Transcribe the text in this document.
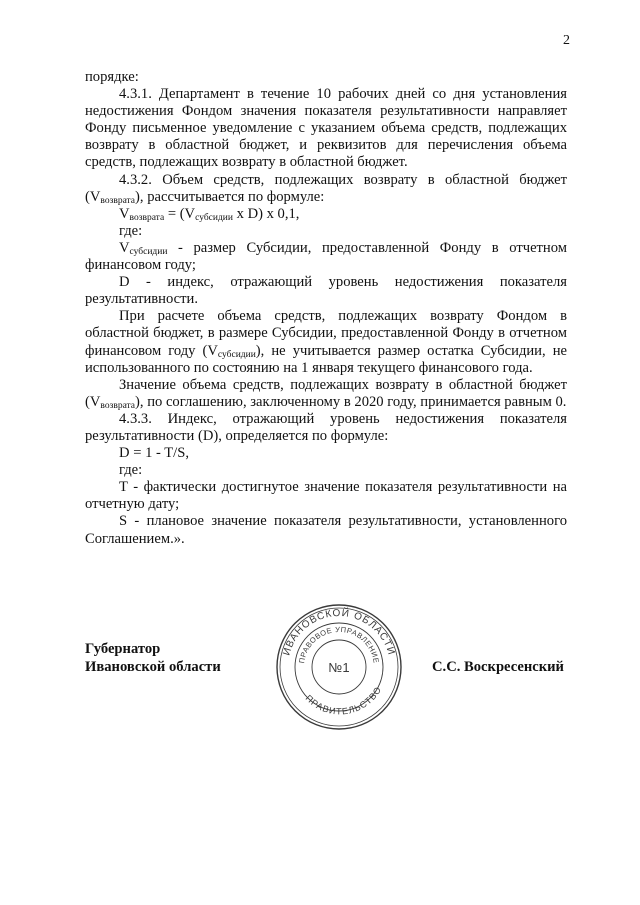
2

порядке:

4.3.1. Департамент в течение 10 рабочих дней со дня установления недостижения Фондом значения показателя результативности направляет Фонду письменное уведомление с указанием объема средств, подлежащих возврату в областной бюджет, и реквизитов для перечисления объема средств, подлежащих возврату в областной бюджет.

4.3.2. Объем средств, подлежащих возврату в областной бюджет $(V_{возврата})$, рассчитывается по формуле:

$V_{возврата} = (V_{субсидии}$ x D) x 0,1,

где:

$V_{субсидии}$ - размер Субсидии, предоставленной Фонду в отчетном финансовом году;

D - индекс, отражающий уровень недостижения показателя результативности.

При расчете объема средств, подлежащих возврату Фондом в областной бюджет, в размере Субсидии, предоставленной Фонду в отчетном финансовом году $(V_{субсидии})$, не учитывается размер остатка Субсидии, не использованного по состоянию на 1 января текущего финансового года.

Значение объема средств, подлежащих возврату в областной бюджет $(V_{возврата})$, по соглашению, заключенному в 2020 году, принимается равным 0.

4.3.3. Индекс, отражающий уровень недостижения показателя результативности (D), определяется по формуле:

D = 1 - T/S,

где:

T - фактически достигнутое значение показателя результативности на отчетную дату;

S - плановое значение показателя результативности, установленного Соглашением.».

Губернатор
Ивановской области
ИВАНОВСКОЙ ОБЛАСТИ
ПРАВОВОЕ УПРАВЛЕНИЕ
ПРАВИТЕЛЬСТВО
№1	С.С. Воскресенский
